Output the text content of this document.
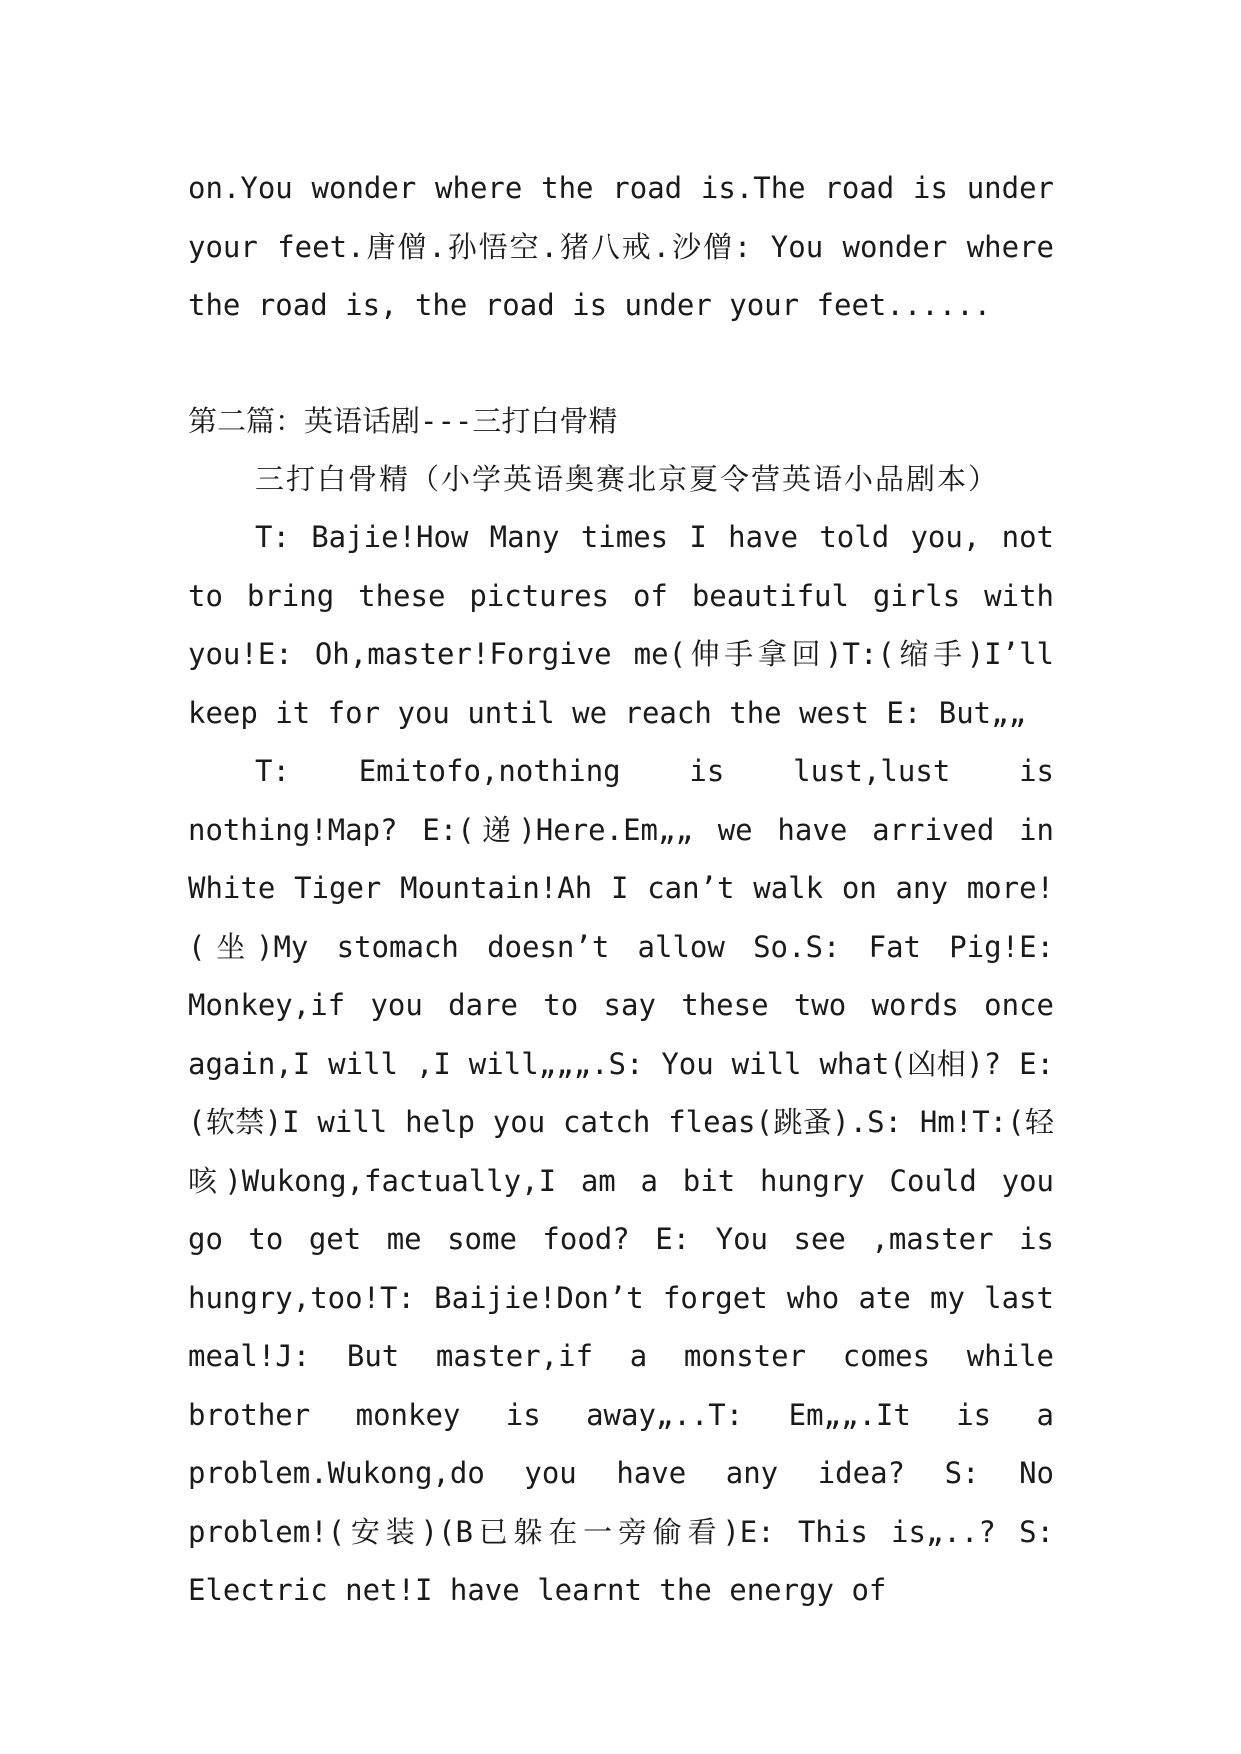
on.You wonder where the road is.The road is under your feet.唐僧.孙悟空.猪八戒.沙僧: You wonder where the road is, the road is under your feet......

第二篇：英语话剧---三打白骨精
三打白骨精（小学英语奥赛北京夏令营英语小品剧本）

T: Bajie!How Many times I have told you, not to bring these pictures of beautiful girls with you!E: Oh,master!Forgive me(伸手拿回)T:(缩手)I’ll keep it for you until we reach the west E: But„„

T: Emitofo,nothing is lust,lust is nothing!Map? E:(递)Here.Em„„ we have arrived in White Tiger Mountain!Ah I can’t walk on any more!(坐)My stomach doesn’t allow So.S: Fat Pig!E: Monkey,if you dare to say these two words once again,I will ,I will„„„.S: You will what(凶相)? E:(软禁)I will help you catch fleas(跳蚤).S: Hm!T:(轻咳)Wukong,factually,I am a bit hungry Could you go to get me some food? E: You see ,master is hungry,too!T: Baijie!Don’t forget who ate my last meal!J: But master,if a monster comes while brother monkey is away„..T: Em„„.It is a problem.Wukong,do you have any idea? S: No problem!(安装)(B已躲在一旁偷看)E: This is„..? S: Electric net!I have learnt the energy of
